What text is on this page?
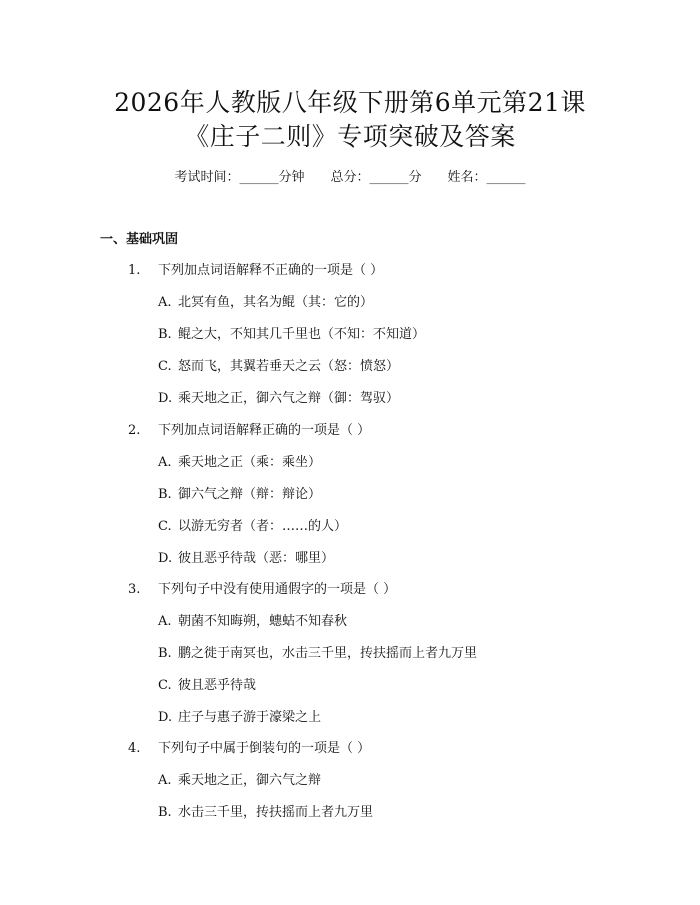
2026年人教版八年级下册第6单元第21课
《庄子二则》专项突破及答案
考试时间：______分钟　　总分：______分　　姓名：______
一、基础巩固
1. 下列加点词语解释不正确的一项是（ ）
A. 北冥有鱼，其名为鲲（其：它的）
B. 鲲之大，不知其几千里也（不知：不知道）
C. 怒而飞，其翼若垂天之云（怒：愤怒）
D. 乘天地之正，御六气之辩（御：驾驭）
2. 下列加点词语解释正确的一项是（ ）
A. 乘天地之正（乘：乘坐）
B. 御六气之辩（辩：辩论）
C. 以游无穷者（者：……的人）
D. 彼且恶乎待哉（恶：哪里）
3. 下列句子中没有使用通假字的一项是（ ）
A. 朝菌不知晦朔，蟪蛄不知春秋
B. 鹏之徙于南冥也，水击三千里，抟扶摇而上者九万里
C. 彼且恶乎待哉
D. 庄子与惠子游于濠梁之上
4. 下列句子中属于倒装句的一项是（ ）
A. 乘天地之正，御六气之辩
B. 水击三千里，抟扶摇而上者九万里
